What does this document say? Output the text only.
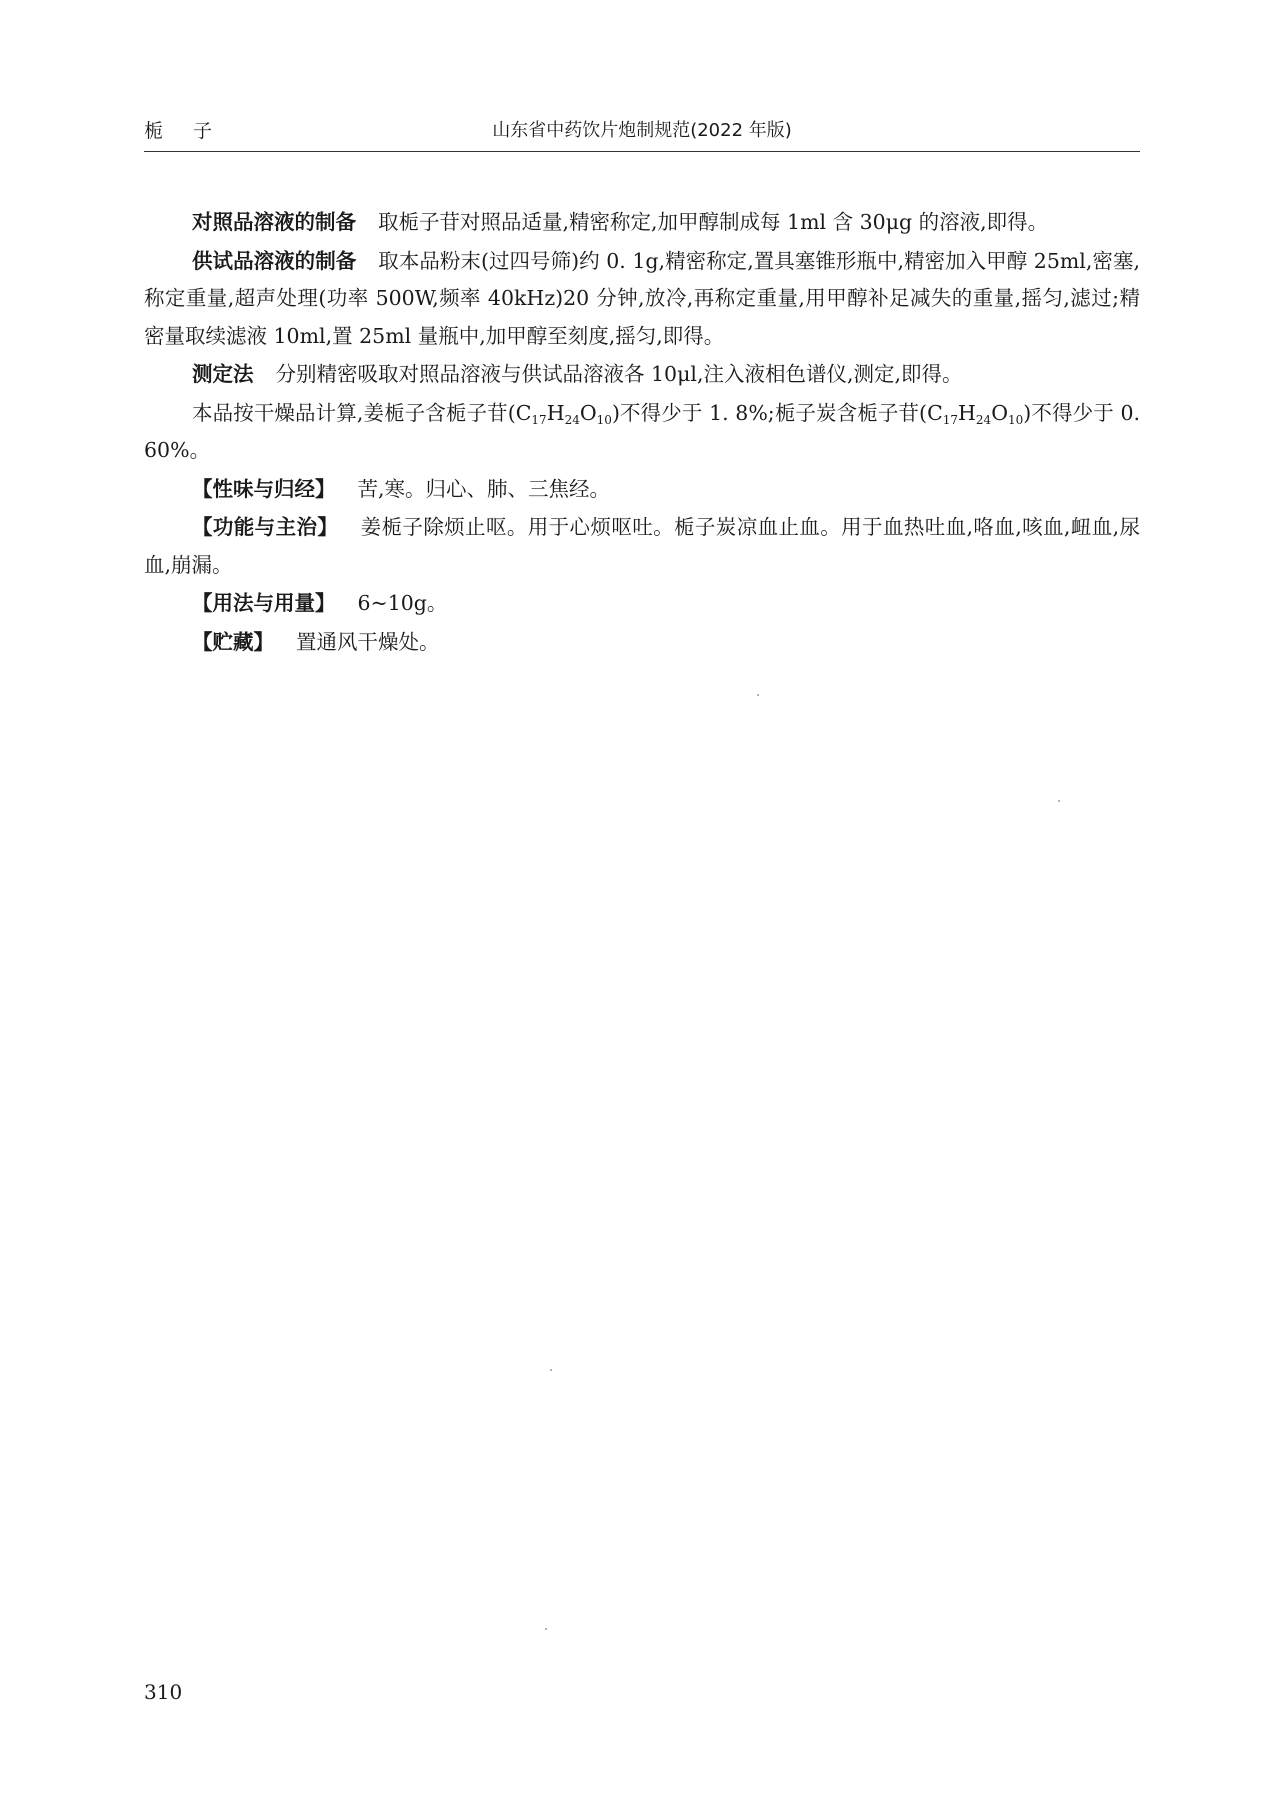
栀 子	山东省中药饮片炮制规范(2022 年版)

对照品溶液的制备 取栀子苷对照品适量,精密称定,加甲醇制成每 1ml 含 30μg 的溶液,即得。

供试品溶液的制备 取本品粉末(过四号筛)约 0. 1g,精密称定,置具塞锥形瓶中,精密加入甲醇 25ml,密塞,称定重量,超声处理(功率 500W,频率 40kHz)20 分钟,放冷,再称定重量,用甲醇补足减失的重量,摇匀,滤过;精密量取续滤液 10ml,置 25ml 量瓶中,加甲醇至刻度,摇匀,即得。

测定法 分别精密吸取对照品溶液与供试品溶液各 10μl,注入液相色谱仪,测定,即得。

本品按干燥品计算,姜栀子含栀子苷$(C_{17}H_{24}O_{10})$不得少于 1. 8%;栀子炭含栀子苷$(C_{17}H_{24}O_{10})$不得少于 0. 60%。

【性味与归经】 苦,寒。归心、肺、三焦经。

【功能与主治】 姜栀子除烦止呕。用于心烦呕吐。栀子炭凉血止血。用于血热吐血,咯血,咳血,衄血,尿血,崩漏。

【用法与用量】 6~10g。

【贮藏】 置通风干燥处。

310
